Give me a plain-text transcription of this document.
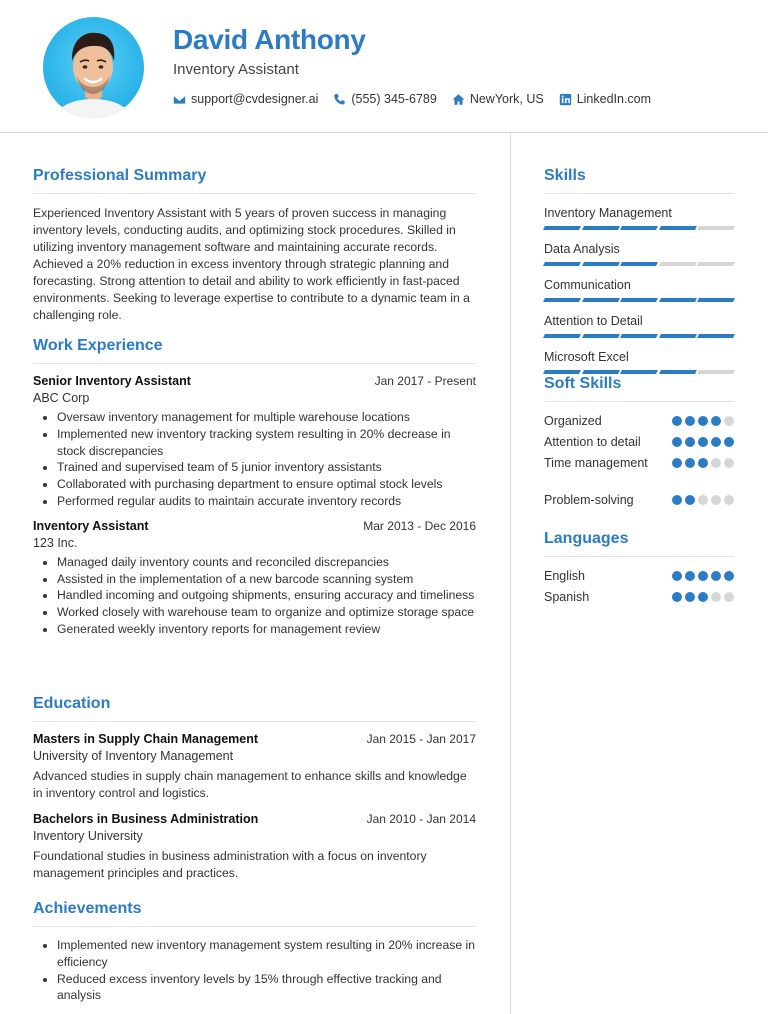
David Anthony
Inventory Assistant
support@cvdesigner.ai	(555) 345-6789	NewYork, US	LinkedIn.com
Professional Summary
Experienced Inventory Assistant with 5 years of proven success in managing inventory levels, conducting audits, and optimizing stock procedures. Skilled in utilizing inventory management software and maintaining accurate records. Achieved a 20% reduction in excess inventory through strategic planning and forecasting. Strong attention to detail and ability to work efficiently in fast-paced environments. Seeking to leverage expertise to contribute to a dynamic team in a challenging role.
Work Experience
Senior Inventory Assistant	Jan 2017 - Present
ABC Corp
Oversaw inventory management for multiple warehouse locations
Implemented new inventory tracking system resulting in 20% decrease in stock discrepancies
Trained and supervised team of 5 junior inventory assistants
Collaborated with purchasing department to ensure optimal stock levels
Performed regular audits to maintain accurate inventory records
Inventory Assistant	Mar 2013 - Dec 2016
123 Inc.
Managed daily inventory counts and reconciled discrepancies
Assisted in the implementation of a new barcode scanning system
Handled incoming and outgoing shipments, ensuring accuracy and timeliness
Worked closely with warehouse team to organize and optimize storage space
Generated weekly inventory reports for management review
Education
Masters in Supply Chain Management	Jan 2015 - Jan 2017
University of Inventory Management
Advanced studies in supply chain management to enhance skills and knowledge in inventory control and logistics.
Bachelors in Business Administration	Jan 2010 - Jan 2014
Inventory University
Foundational studies in business administration with a focus on inventory management principles and practices.
Achievements
Implemented new inventory management system resulting in 20% increase in efficiency
Reduced excess inventory levels by 15% through effective tracking and analysis
Skills
Inventory Management
Data Analysis
Communication
Attention to Detail
Microsoft Excel
Soft Skills
Organized
Attention to detail
Time management
Problem-solving
Languages
English
Spanish
